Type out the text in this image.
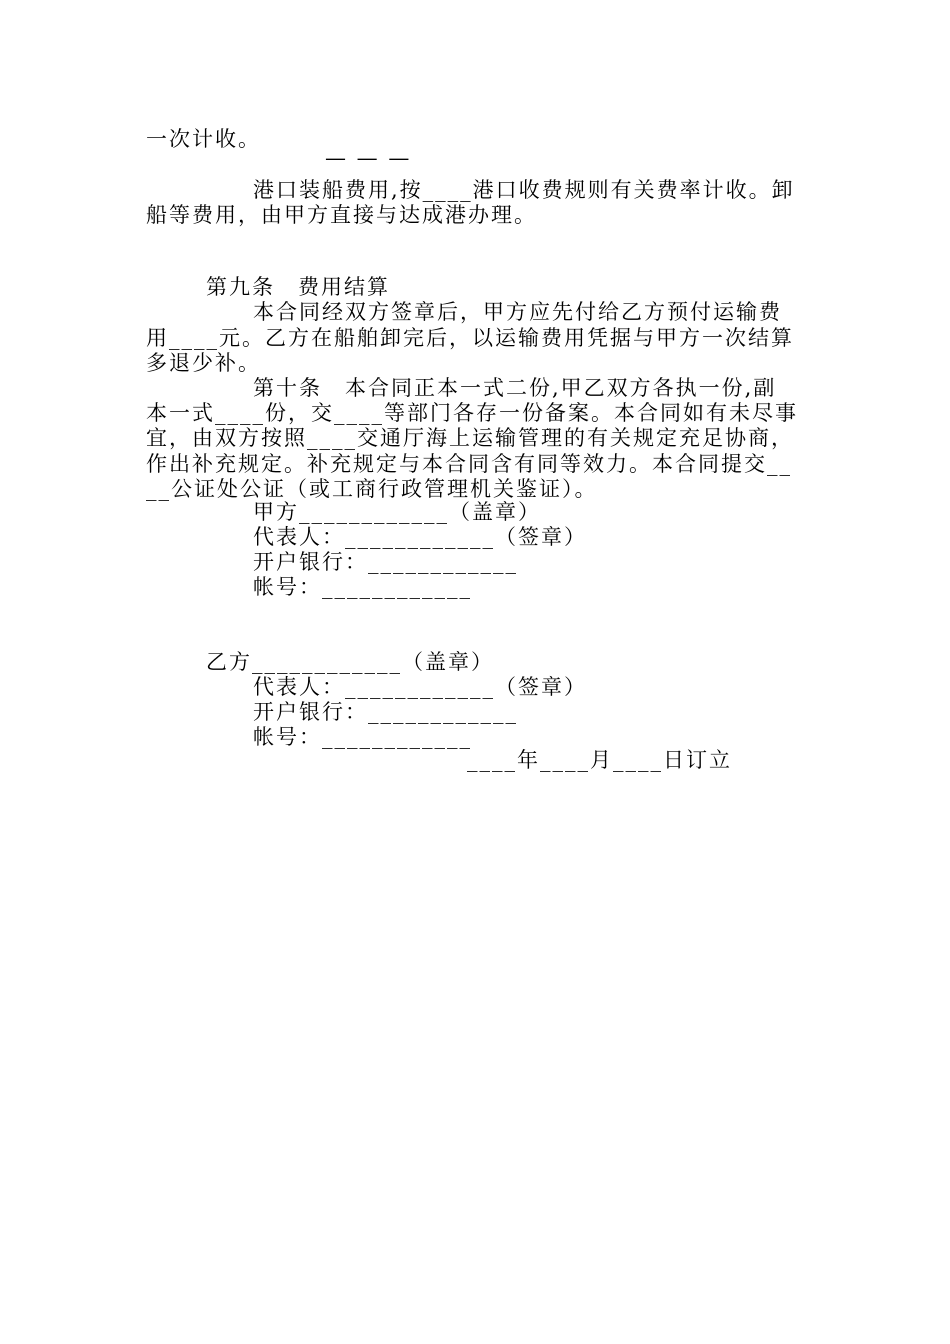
一次计收。
— — —
港口装船费用,按____港口收费规则有关费率计收。卸
船等费用，由甲方直接与达成港办理。
第九条　费用结算
本合同经双方签章后，甲方应先付给乙方预付运输费
用____元。乙方在船舶卸完后，以运输费用凭据与甲方一次结算
多退少补。
第十条　本合同正本一式二份,甲乙双方各执一份,副
本一式____份，交____等部门各存一份备案。本合同如有未尽事
宜，由双方按照____交通厅海上运输管理的有关规定充足协商，
作出补充规定。补充规定与本合同含有同等效力。本合同提交__
__公证处公证（或工商行政管理机关鉴证）。
甲方____________（盖章）
代表人：____________（签章）
开户银行：____________
帐号：____________
乙方____________（盖章）
代表人：____________（签章）
开户银行：____________
帐号：____________
____年____月____日订立
